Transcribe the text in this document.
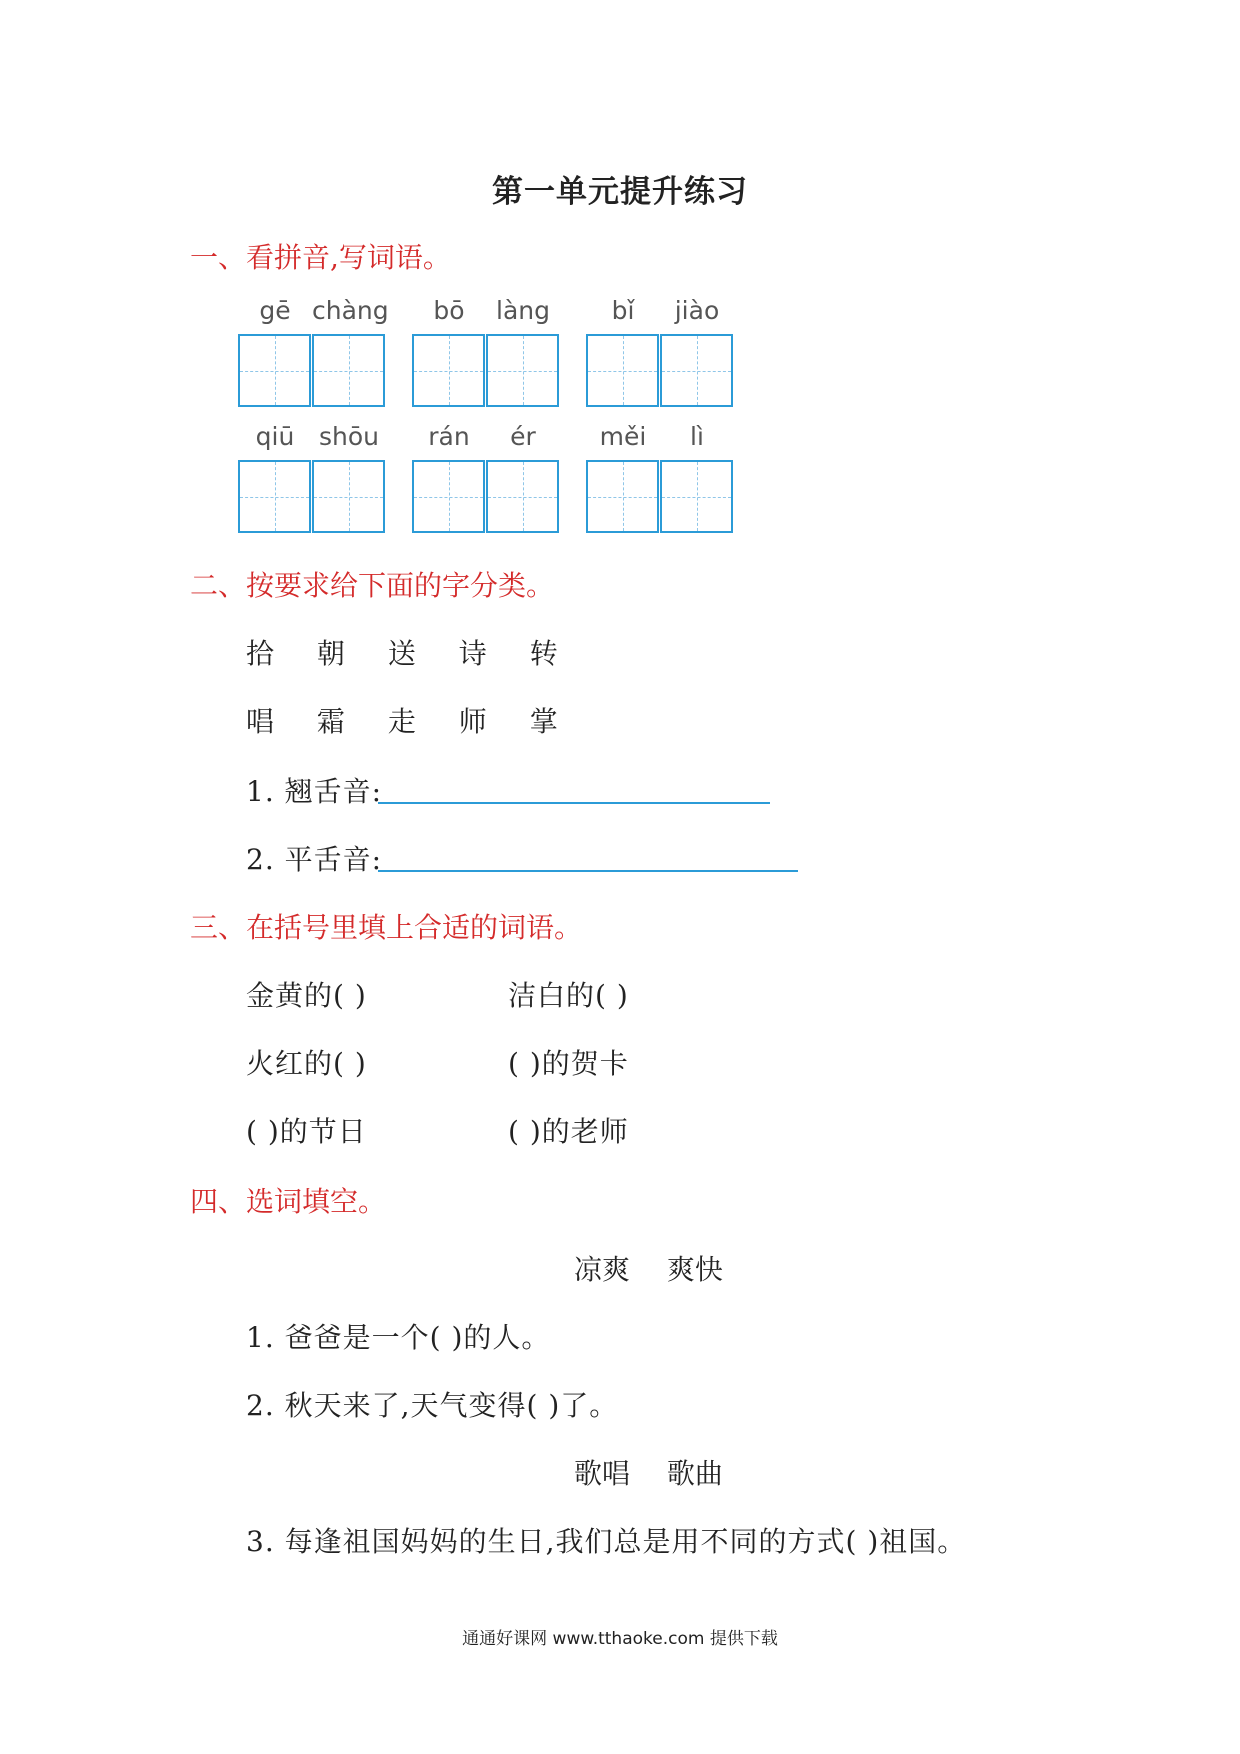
第一单元提升练习
一、看拼音,写词语。
gē chàng	bō	làng	bǐ	jiào
qiū shōu	rán	ér	měi	lì
二、按要求给下面的字分类。
拾 朝 送 诗 转
唱 霜 走 师 掌
1. 翘舌音:
2. 平舌音:
三、在括号里填上合适的词语。
金黄的( )	洁白的( )
火红的( )	( )的贺卡
( )的节日	( )的老师
四、选词填空。
凉爽 爽快
1. 爸爸是一个( )的人。
2. 秋天来了,天气变得( )了。
歌唱 歌曲
3. 每逢祖国妈妈的生日,我们总是用不同的方式( )祖国。
通通好课网 www.tthaoke.com 提供下载
